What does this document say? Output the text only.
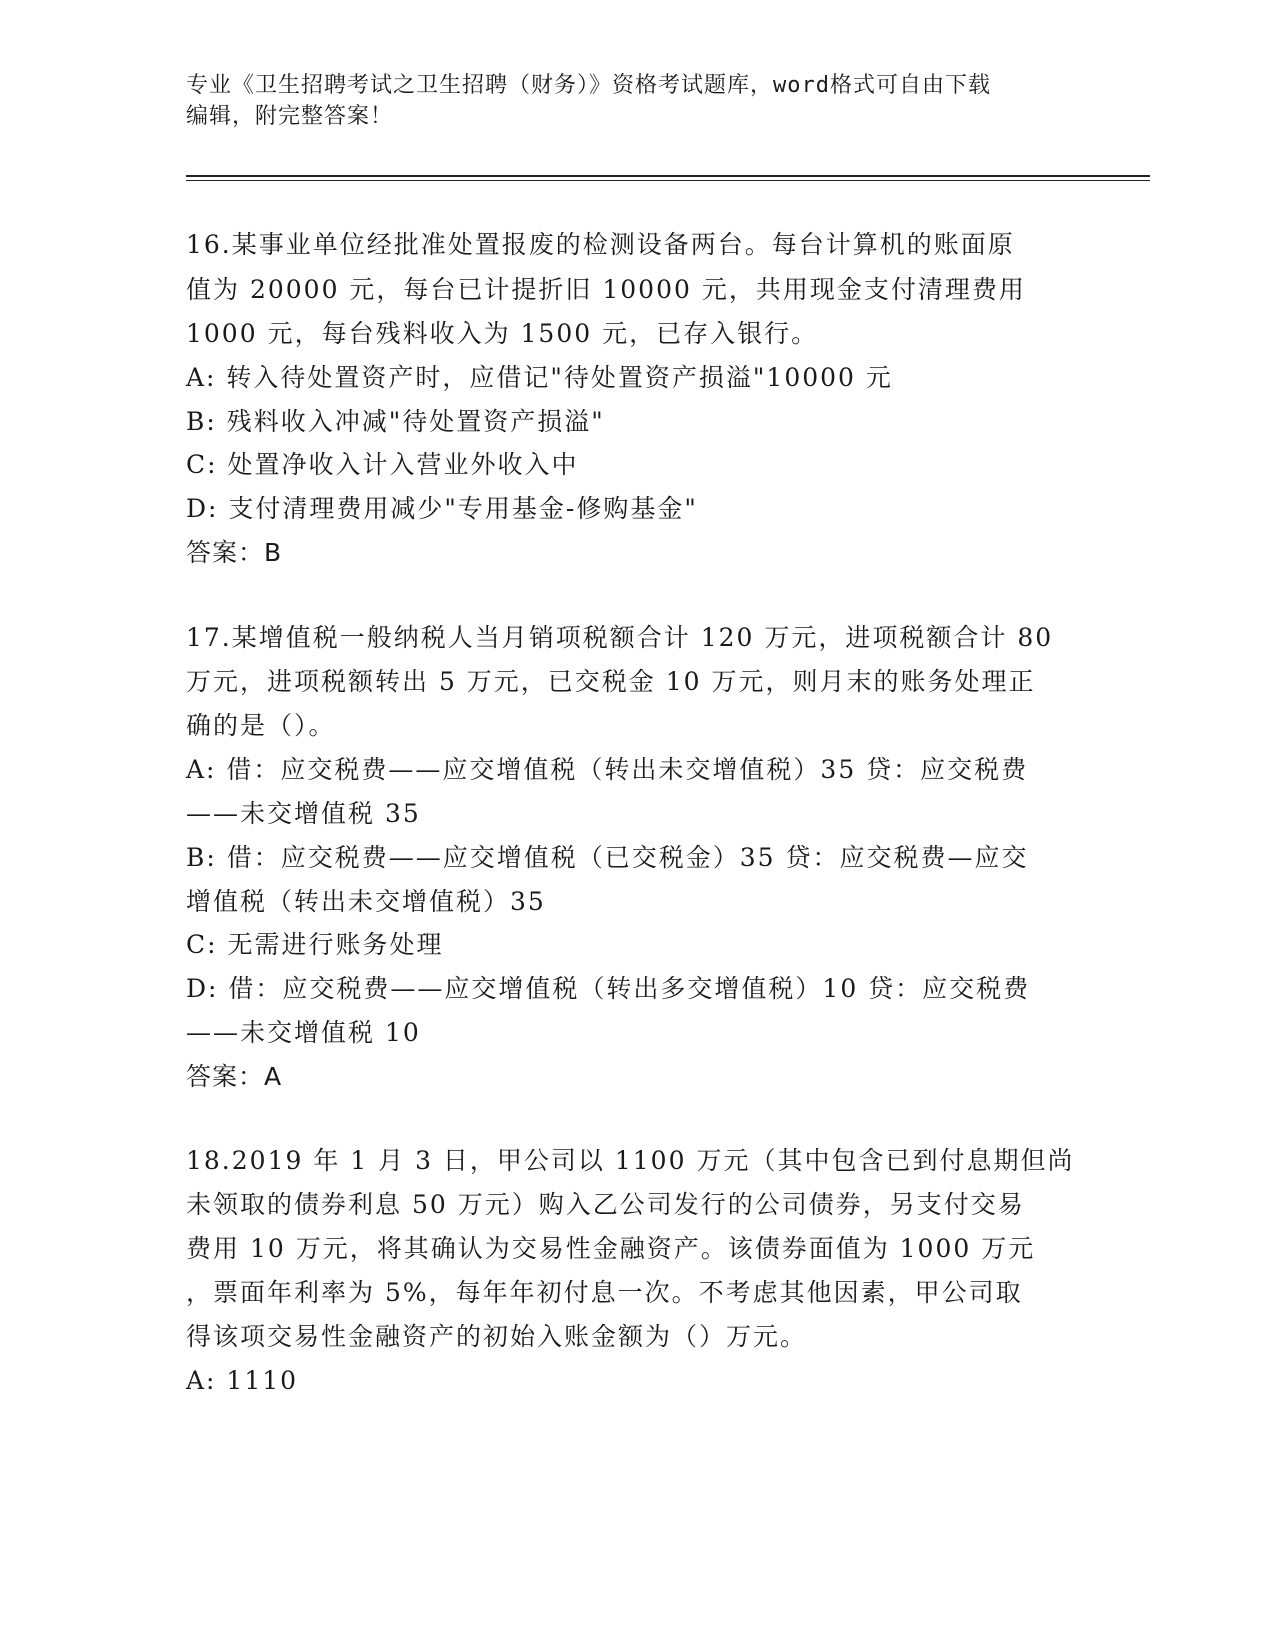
专业《卫生招聘考试之卫生招聘（财务）》资格考试题库，word格式可自由下载
编辑，附完整答案！
16.某事业单位经批准处置报废的检测设备两台。每台计算机的账面原
值为 20000 元，每台已计提折旧 10000 元，共用现金支付清理费用
1000 元，每台残料收入为 1500 元，已存入银行。
A: 转入待处置资产时，应借记"待处置资产损溢"10000 元
B: 残料收入冲减"待处置资产损溢"
C: 处置净收入计入营业外收入中
D: 支付清理费用减少"专用基金-修购基金"
答案：B
17.某增值税一般纳税人当月销项税额合计 120 万元，进项税额合计 80
万元，进项税额转出 5 万元，已交税金 10 万元，则月末的账务处理正
确的是（）。
A: 借：应交税费——应交增值税（转出未交增值税）35 贷：应交税费
——未交增值税 35
B: 借：应交税费——应交增值税（已交税金）35 贷：应交税费—应交
增值税（转出未交增值税）35
C: 无需进行账务处理
D: 借：应交税费——应交增值税（转出多交增值税）10 贷：应交税费
——未交增值税 10
答案：A
18.2019 年 1 月 3 日，甲公司以 1100 万元（其中包含已到付息期但尚
未领取的债券利息 50 万元）购入乙公司发行的公司债券，另支付交易
费用 10 万元，将其确认为交易性金融资产。该债券面值为 1000 万元
，票面年利率为 5%，每年年初付息一次。不考虑其他因素，甲公司取
得该项交易性金融资产的初始入账金额为（）万元。
A: 1110
